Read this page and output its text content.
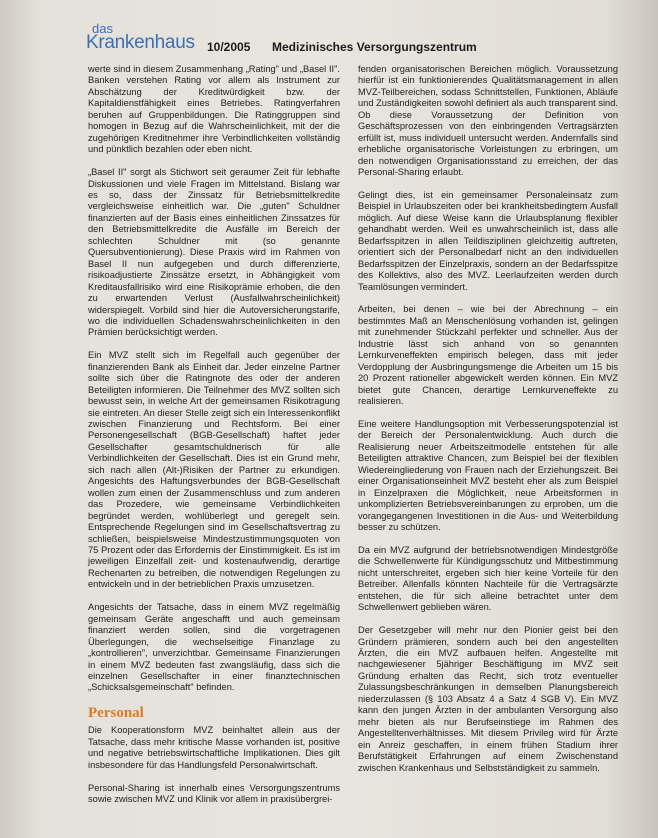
das
Krankenhaus 10/2005 Medizinisches Versorgungszentrum

werte sind in diesem Zusammenhang „Rating" und „Basel II". Banken verstehen Rating vor allem als Instrument zur Abschätzung der Kreditwürdigkeit bzw. der Kapitaldienstfähigkeit eines Betriebes. Ratingverfahren beruhen auf Gruppenbildungen. Die Ratinggruppen sind homogen in Bezug auf die Wahrscheinlichkeit, mit der die zugehörigen Kreditnehmer ihre Verbindlichkeiten vollständig und pünktlich bezahlen oder eben nicht.

„Basel II" sorgt als Stichwort seit geraumer Zeit für lebhafte Diskussionen und viele Fragen im Mittelstand. Bislang war es so, dass der Zinssatz für Betriebsmittelkredite vergleichsweise einheitlich war. Die „guten" Schuldner finanzierten auf der Basis eines einheitlichen Zinssatzes für den Betriebsmittelkredite die Ausfälle im Bereich der schlechten Schuldner mit (so genannte Quersubventionierung). Diese Praxis wird im Rahmen von Basel II nun aufgegeben und durch differenzierte, risikoadjustierte Zinssätze ersetzt, in Abhängigkeit vom Kreditausfallrisiko wird eine Risikoprämie erhoben, die den zu erwartenden Verlust (Ausfallwahrscheinlichkeit) widerspiegelt. Vorbild sind hier die Autoversicherungstarife, wo die individuellen Schadenswahrscheinlichkeiten in den Prämien berücksichtigt werden.

Ein MVZ stellt sich im Regelfall auch gegenüber der finanzierenden Bank als Einheit dar. Jeder einzelne Partner sollte sich über die Ratingnote des oder der anderen Beteiligten informieren. Die Teilnehmer des MVZ sollten sich bewusst sein, in welche Art der gemeinsamen Risikotragung sie eintreten. An dieser Stelle zeigt sich ein Interessenkonflikt zwischen Finanzierung und Rechtsform. Bei einer Personengesellschaft (BGB-Gesellschaft) haftet jeder Gesellschafter gesamtschuldnerisch für alle Verbindlichkeiten der Gesellschaft. Dies ist ein Grund mehr, sich nach allen (Alt-)Risiken der Partner zu erkundigen. Angesichts des Haftungsverbundes der BGB-Gesellschaft wollen zum einen der Zusammenschluss und zum anderen das Prozedere, wie gemeinsame Verbindlichkeiten begründet werden, wohlüberlegt und geregelt sein. Entsprechende Regelungen sind im Gesellschaftsvertrag zu schließen, beispielsweise Mindestzustimmungsquoten von 75 Prozent oder das Erfordernis der Einstimmigkeit. Es ist im jeweiligen Einzelfall zeit- und kostenaufwendig, derartige Rechenarten zu betreiben, die notwendigen Regelungen zu entwickeln und in der betrieblichen Praxis umzusetzen.

Angesichts der Tatsache, dass in einem MVZ regelmäßig gemeinsam Geräte angeschafft und auch gemeinsam finanziert werden sollen, sind die vorgetragenen Überlegungen, die wechselseitige Finanzlage zu „kontrollieren", unverzichtbar. Gemeinsame Finanzierungen in einem MVZ bedeuten fast zwangsläufig, dass sich die einzelnen Gesellschafter in einer finanztechnischen „Schicksalsgemeinschaft" befinden.

Personal

Die Kooperationsform MVZ beinhaltet allein aus der Tatsache, dass mehr kritische Masse vorhanden ist, positive und negative betriebswirtschaftliche Implikationen. Dies gilt insbesondere für das Handlungsfeld Personalwirtschaft.

Personal-Sharing ist innerhalb eines Versorgungszentrums sowie zwischen MVZ und Klinik vor allem in praxisübergrei-

fenden organisatorischen Bereichen möglich. Voraussetzung hierfür ist ein funktionierendes Qualitätsmanagement in allen MVZ-Teilbereichen, sodass Schnittstellen, Funktionen, Abläufe und Zuständigkeiten sowohl definiert als auch transparent sind. Ob diese Voraussetzung der Definition von Geschäftsprozessen von den einbringenden Vertragsärzten erfüllt ist, muss individuell untersucht werden. Andernfalls sind erhebliche organisatorische Vorleistungen zu erbringen, um den notwendigen Organisationsstand zu erreichen, der das Personal-Sharing erlaubt.

Gelingt dies, ist ein gemeinsamer Personaleinsatz zum Beispiel in Urlaubszeiten oder bei krankheitsbedingtem Ausfall möglich. Auf diese Weise kann die Urlaubsplanung flexibler gehandhabt werden. Weil es unwahrscheinlich ist, dass alle Bedarfsspitzen in allen Teildisziplinen gleichzeitig auftreten, orientiert sich der Personalbedarf nicht an den individuellen Bedarfsspitzen der Einzelpraxis, sondern an der Bedarfsspitze des Kollektivs, also des MVZ. Leerlaufzeiten werden durch Teamlösungen vermindert.

Arbeiten, bei denen – wie bei der Abrechnung – ein bestimmtes Maß an Menschenlösung vorhanden ist, gelingen mit zunehmender Stückzahl perfekter und schneller. Aus der Industrie lässt sich anhand von so genannten Lernkurveneffekten empirisch belegen, dass mit jeder Verdopplung der Ausbringungsmenge die Arbeiten um 15 bis 20 Prozent rationeller abgewickelt werden können. Ein MVZ bietet gute Chancen, derartige Lernkurveneffekte zu realisieren.

Eine weitere Handlungsoption mit Verbesserungspotenzial ist der Bereich der Personalentwicklung. Auch durch die Realisierung neuer Arbeitszeitmodelle entstehen für alle Beteiligten attraktive Chancen, zum Beispiel bei der flexiblen Wiedereingliederung von Frauen nach der Erziehungszeit. Bei einer Organisationseinheit MVZ besteht eher als zum Beispiel in Einzelpraxen die Möglichkeit, neue Arbeitsformen in unkomplizierten Betriebsvereinbarungen zu erproben, um die vorangegangenen Investitionen in die Aus- und Weiterbildung besser zu schützen.

Da ein MVZ aufgrund der betriebsnotwendigen Mindestgröße die Schwellenwerte für Kündigungsschutz und Mitbestimmung nicht unterschreitet, ergeben sich hier keine Vorteile für den Betreiber. Allenfalls könnten Nachteile für die Vertragsärzte entstehen, die für sich alleine betrachtet unter dem Schwellenwert geblieben wären.

Der Gesetzgeber will mehr nur den Pionier geist bei den Gründern prämieren, sondern auch bei den angestellten Ärzten, die ein MVZ aufbauen helfen. Angestellte mit nachgewiesener 5jähriger Beschäftigung im MVZ seit Gründung erhalten das Recht, sich trotz eventueller Zulassungsbeschränkungen in demselben Planungsbereich niederzulassen (§ 103 Absatz 4 a Satz 4 SGB V). Ein MVZ kann den jungen Ärzten in der ambulanten Versorgung also mehr bieten als nur Berufseinstiege im Rahmen des Angestelltenverhältnisses. Mit diesem Privileg wird für Ärzte ein Anreiz geschaffen, in einem frühen Stadium ihrer Berufstätigkeit Erfahrungen auf einem Zwischenstand zwischen Krankenhaus und Selbstständigkeit zu sammeln.
